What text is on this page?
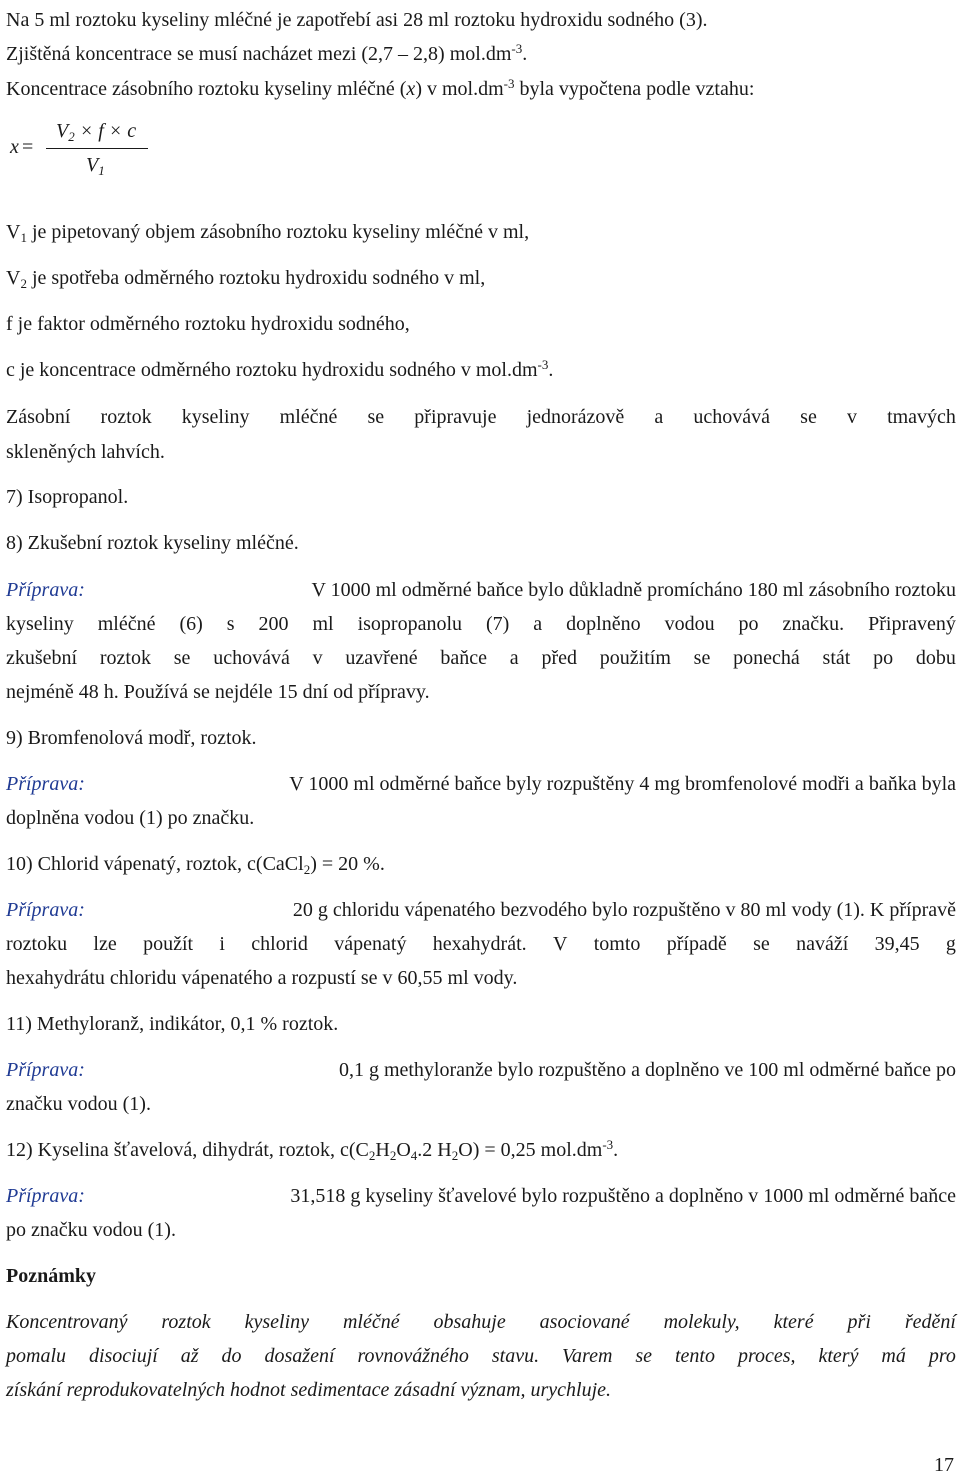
Na 5 ml roztoku kyseliny mléčné je zapotřebí asi 28 ml roztoku hydroxidu sodného (3).
Zjištěná koncentrace se musí nacházet mezi (2,7 – 2,8) $mol.dm^{-3}$.
Koncentrace zásobního roztoku kyseliny mléčné (x) v $mol.dm^{-3}$ byla vypočtena podle vztahu:
x =
$V_2 \times f \times c$
$V_1$
$V_1$ je pipetovaný objem zásobního roztoku kyseliny mléčné v ml,
$V_2$ je spotřeba odměrného roztoku hydroxidu sodného v ml,
f je faktor odměrného roztoku hydroxidu sodného,
c je koncentrace odměrného roztoku hydroxidu sodného v $mol.dm^{-3}$.
Zásobní roztok kyseliny mléčné se připravuje jednorázově a uchovává se v tmavých
skleněných lahvích.
7) Isopropanol.
8) Zkušební roztok kyseliny mléčné.
Příprava:	V 1000 ml odměrné baňce bylo důkladně promícháno 180 ml zásobního roztoku
kyseliny mléčné (6) s 200 ml isopropanolu (7) a doplněno vodou po značku. Připravený
zkušební roztok se uchovává v uzavřené baňce a před použitím se ponechá stát po dobu
nejméně 48 h. Používá se nejdéle 15 dní od přípravy.
9) Bromfenolová modř, roztok.
Příprava:	V 1000 ml odměrné baňce byly rozpuštěny 4 mg bromfenolové modři a baňka byla
doplněna vodou (1) po značku.
10) Chlorid vápenatý, roztok, c(CaCl$_2$) = 20 %.
Příprava:	20 g chloridu vápenatého bezvodého bylo rozpuštěno v 80 ml vody (1). K přípravě
roztoku lze použít i chlorid vápenatý hexahydrát. V tomto případě se naváží 39,45 g
hexahydrátu chloridu vápenatého a rozpustí se v 60,55 ml vody.
11) Methyloranž, indikátor, 0,1 % roztok.
Příprava:	0,1 g methyloranže bylo rozpuštěno a doplněno ve 100 ml odměrné baňce po
značku vodou (1).
12) Kyselina šťavelová, dihydrát, roztok, $c(C_2H_2O_4.2$ $H_2O) = 0,25$ $mol.dm^{-3}$.
Příprava:	31,518 g kyseliny šťavelové bylo rozpuštěno a doplněno v 1000 ml odměrné baňce
po značku vodou (1).
Poznámky
Koncentrovaný roztok kyseliny mléčné obsahuje asociované molekuly, které při ředění
pomalu disociují až do dosažení rovnovážného stavu. Varem se tento proces, který má pro
získání reprodukovatelných hodnot sedimentace zásadní význam, urychluje.
17
